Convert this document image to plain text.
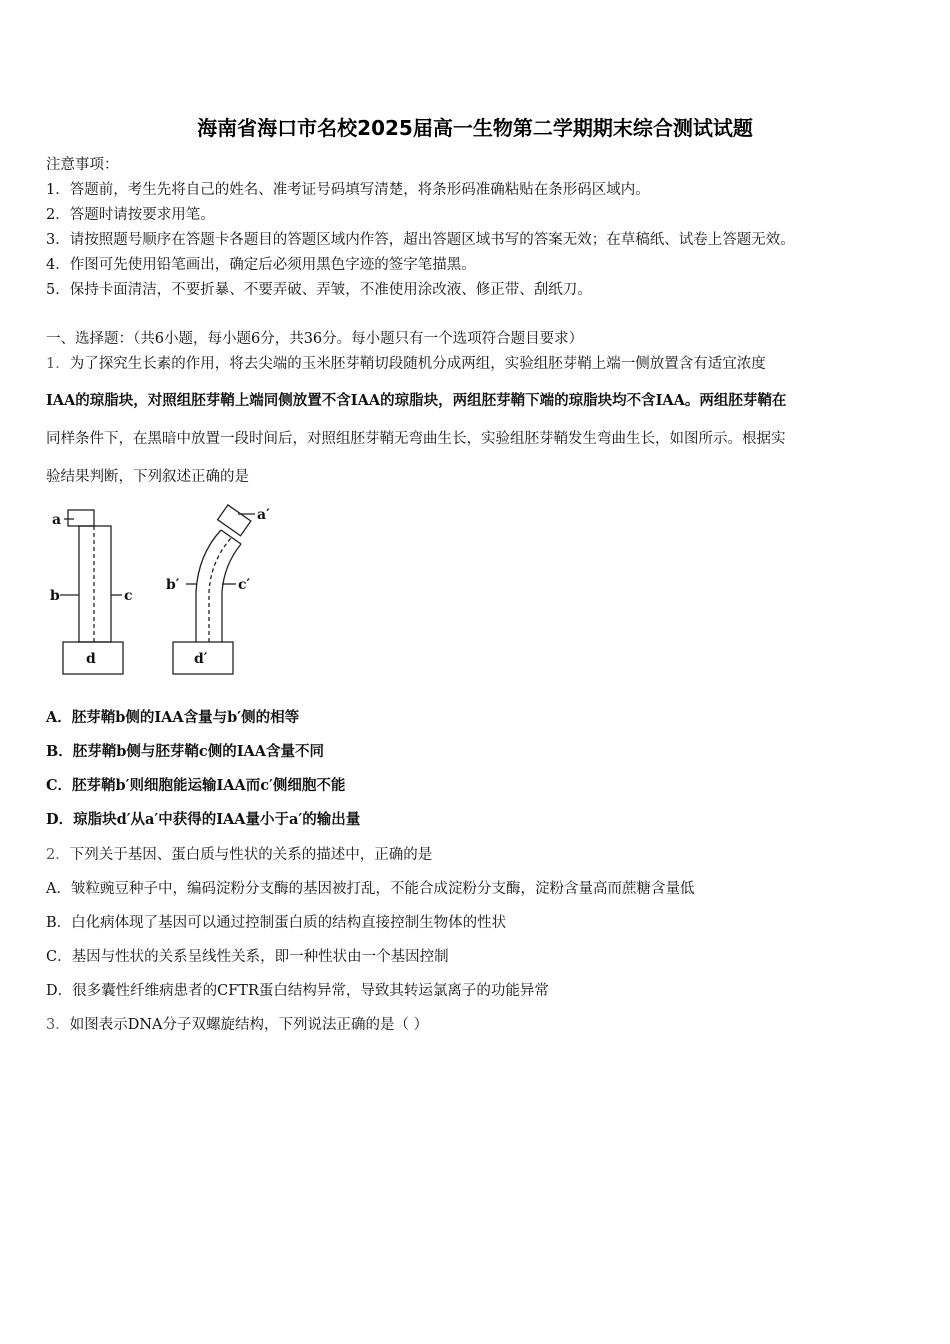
海南省海口市名校2025届高一生物第二学期期末综合测试试题
注意事项：
1．答题前，考生先将自己的姓名、准考证号码填写清楚，将条形码准确粘贴在条形码区域内。
2．答题时请按要求用笔。
3．请按照题号顺序在答题卡各题目的答题区域内作答，超出答题区域书写的答案无效；在草稿纸、试卷上答题无效。
4．作图可先使用铅笔画出，确定后必须用黑色字迹的签字笔描黑。
5．保持卡面清洁，不要折暴、不要弄破、弄皱，不准使用涂改液、修正带、刮纸刀。
一、选择题：（共6小题，每小题6分，共36分。每小题只有一个选项符合题目要求）
1．为了探究生长素的作用，将去尖端的玉米胚芽鞘切段随机分成两组，实验组胚芽鞘上端一侧放置含有适宜浓度
IAA的琼脂块，对照组胚芽鞘上端同侧放置不含IAA的琼脂块，两组胚芽鞘下端的琼脂块均不含IAA。两组胚芽鞘在
同样条件下，在黑暗中放置一段时间后，对照组胚芽鞘无弯曲生长，实验组胚芽鞘发生弯曲生长，如图所示。根据实
验结果判断，下列叙述正确的是
a
b	c
d
a′
b′	c′
d′
A．胚芽鞘b侧的IAA含量与b′侧的相等
B．胚芽鞘b侧与胚芽鞘c侧的IAA含量不同
C．胚芽鞘b′则细胞能运输IAA而c′侧细胞不能
D．琼脂块d′从a′中获得的IAA量小于a′的输出量
2．下列关于基因、蛋白质与性状的关系的描述中，正确的是
A．皱粒豌豆种子中，编码淀粉分支酶的基因被打乱，不能合成淀粉分支酶，淀粉含量高而蔗糖含量低
B．白化病体现了基因可以通过控制蛋白质的结构直接控制生物体的性状
C．基因与性状的关系呈线性关系，即一种性状由一个基因控制
D．很多囊性纤维病患者的CFTR蛋白结构异常，导致其转运氯离子的功能异常
3．如图表示DNA分子双螺旋结构，下列说法正确的是（ ）
